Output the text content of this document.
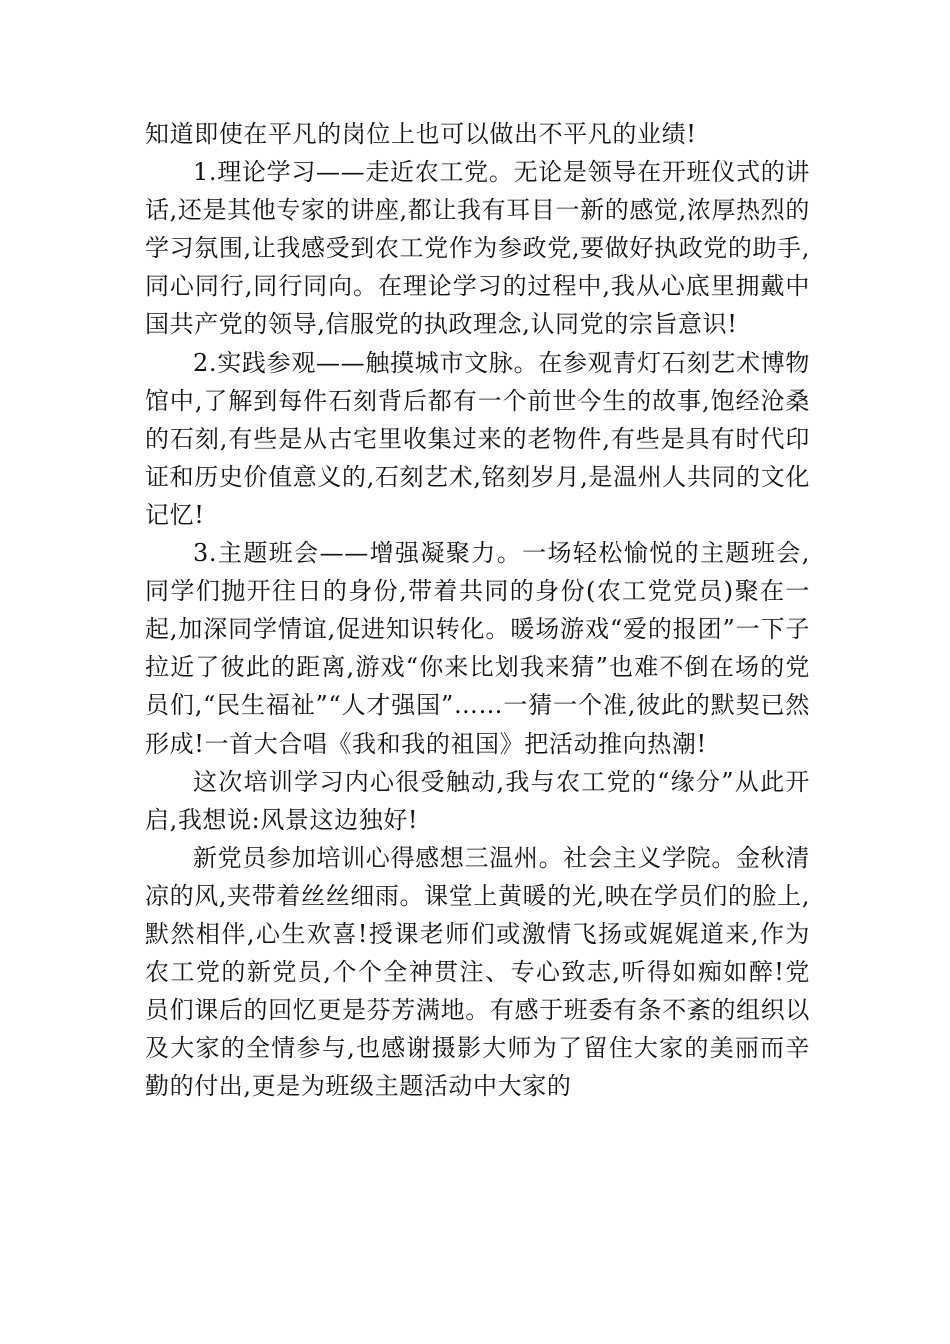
知道即使在平凡的岗位上也可以做出不平凡的业绩!

1.理论学习——走近农工党。无论是领导在开班仪式的讲话,还是其他专家的讲座,都让我有耳目一新的感觉,浓厚热烈的学习氛围,让我感受到农工党作为参政党,要做好执政党的助手,同心同行,同行同向。在理论学习的过程中,我从心底里拥戴中国共产党的领导,信服党的执政理念,认同党的宗旨意识!

2.实践参观——触摸城市文脉。在参观青灯石刻艺术博物馆中,了解到每件石刻背后都有一个前世今生的故事,饱经沧桑的石刻,有些是从古宅里收集过来的老物件,有些是具有时代印证和历史价值意义的,石刻艺术,铭刻岁月,是温州人共同的文化记忆!

3.主题班会——增强凝聚力。一场轻松愉悦的主题班会,同学们抛开往日的身份,带着共同的身份(农工党党员)聚在一起,加深同学情谊,促进知识转化。暖场游戏“爱的报团”一下子拉近了彼此的距离,游戏“你来比划我来猜”也难不倒在场的党员们,“民生福祉”“人才强国”……一猜一个准,彼此的默契已然形成!一首大合唱《我和我的祖国》把活动推向热潮!

这次培训学习内心很受触动,我与农工党的“缘分”从此开启,我想说:风景这边独好!

新党员参加培训心得感想三温州。社会主义学院。金秋清凉的风,夹带着丝丝细雨。课堂上黄暖的光,映在学员们的脸上,默然相伴,心生欢喜!授课老师们或激情飞扬或娓娓道来,作为农工党的新党员,个个全神贯注、专心致志,听得如痴如醉!党员们课后的回忆更是芬芳满地。有感于班委有条不紊的组织以及大家的全情参与,也感谢摄影大师为了留住大家的美丽而辛勤的付出,更是为班级主题活动中大家的
